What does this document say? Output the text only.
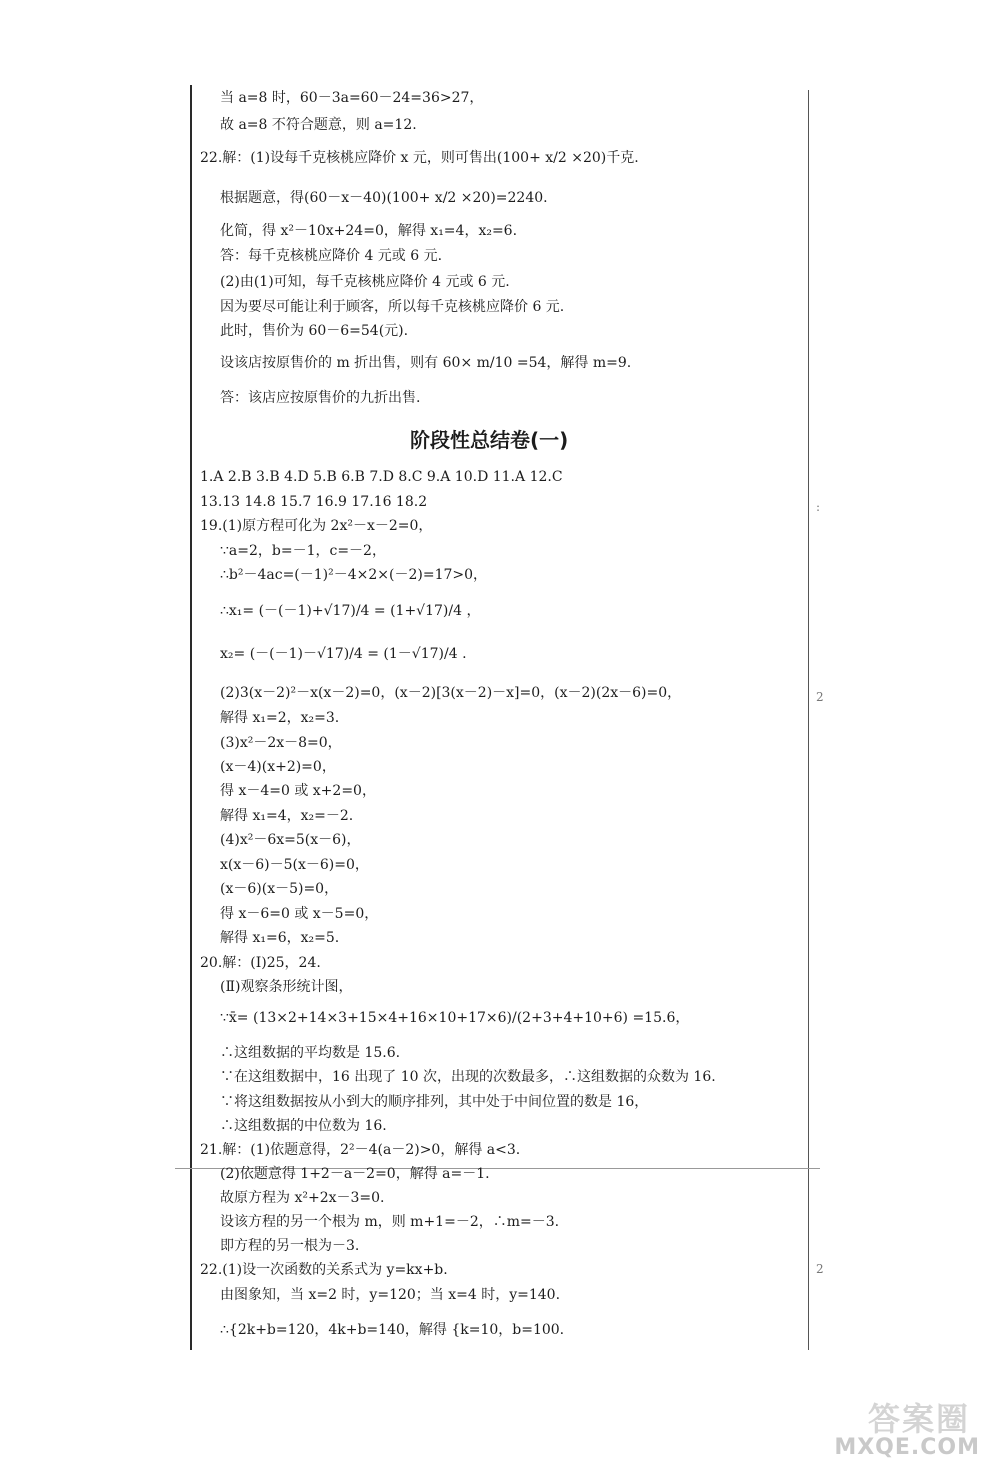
当 a=8 时，60－3a=60－24=36>27，
故 a=8 不符合题意，则 a=12.
22.解：(1)设每千克核桃应降价 x 元，则可售出(100+ x/2 ×20)千克.
根据题意，得(60－x－40)(100+ x/2 ×20)=2240.
化简，得 x²－10x+24=0，解得 x₁=4，x₂=6.
答：每千克核桃应降价 4 元或 6 元.
(2)由(1)可知，每千克核桃应降价 4 元或 6 元.
因为要尽可能让利于顾客，所以每千克核桃应降价 6 元.
此时，售价为 60－6=54(元).
设该店按原售价的 m 折出售，则有 60× m/10 =54，解得 m=9.
答：该店应按原售价的九折出售.
阶段性总结卷(一)
1.A 2.B 3.B 4.D 5.B 6.B 7.D 8.C 9.A 10.D 11.A 12.C
13.13 14.8 15.7 16.9 17.16 18.2
19.(1)原方程可化为 2x²－x－2=0，
∵a=2，b=－1，c=－2，
∴b²－4ac=(－1)²－4×2×(－2)=17>0，
∴x₁= (－(－1)+√17)/4 = (1+√17)/4 ，
x₂= (－(－1)－√17)/4 = (1－√17)/4 .
(2)3(x－2)²－x(x－2)=0，(x－2)[3(x－2)－x]=0，(x－2)(2x－6)=0，
解得 x₁=2，x₂=3.
(3)x²－2x－8=0，
(x－4)(x+2)=0，
得 x－4=0 或 x+2=0，
解得 x₁=4，x₂=－2.
(4)x²－6x=5(x－6)，
x(x－6)－5(x－6)=0，
(x－6)(x－5)=0，
得 x－6=0 或 x－5=0，
解得 x₁=6，x₂=5.
20.解：(Ⅰ)25，24.
(Ⅱ)观察条形统计图，
∵x̄= (13×2+14×3+15×4+16×10+17×6)/(2+3+4+10+6) =15.6，
∴这组数据的平均数是 15.6.
∵在这组数据中，16 出现了 10 次，出现的次数最多，∴这组数据的众数为 16.
∵将这组数据按从小到大的顺序排列，其中处于中间位置的数是 16，
∴这组数据的中位数为 16.
21.解：(1)依题意得，2²－4(a－2)>0，解得 a<3.
(2)依题意得 1+2－a－2=0，解得 a=－1.
故原方程为 x²+2x－3=0.
设该方程的另一个根为 m，则 m+1=－2，∴m=－3.
即方程的另一根为－3.
22.(1)设一次函数的关系式为 y=kx+b.
由图象知，当 x=2 时，y=120；当 x=4 时，y=140.
∴{2k+b=120，4k+b=140，解得 {k=10，b=100.
:
2
2
答案圈
MXQE.COM
